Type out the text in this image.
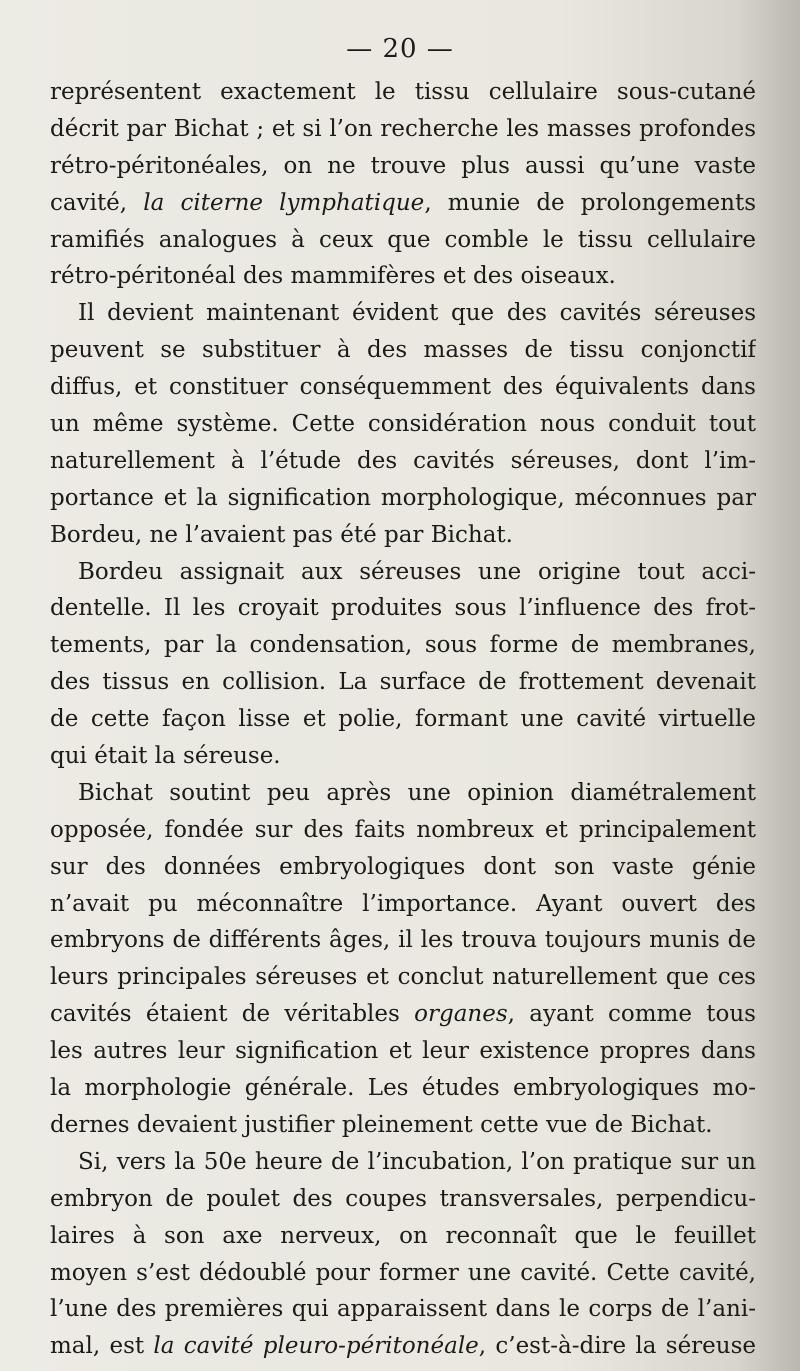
— 20 —
représentent exactement le tissu cellulaire sous-cutané
décrit par Bichat ; et si l’on recherche les masses profondes
rétro-péritonéales, on ne trouve plus aussi qu’une vaste
cavité, la citerne lymphatique, munie de prolongements
ramifiés analogues à ceux que comble le tissu cellulaire
rétro-péritonéal des mammifères et des oiseaux.
Il devient maintenant évident que des cavités séreuses
peuvent se substituer à des masses de tissu conjonctif
diffus, et constituer conséquemment des équivalents dans
un même système. Cette considération nous conduit tout
naturellement à l’étude des cavités séreuses, dont l’im-
portance et la signification morphologique, méconnues par
Bordeu, ne l’avaient pas été par Bichat.
Bordeu assignait aux séreuses une origine tout acci-
dentelle. Il les croyait produites sous l’influence des frot-
tements, par la condensation, sous forme de membranes,
des tissus en collision. La surface de frottement devenait
de cette façon lisse et polie, formant une cavité virtuelle
qui était la séreuse.
Bichat soutint peu après une opinion diamétralement
opposée, fondée sur des faits nombreux et principalement
sur des données embryologiques dont son vaste génie
n’avait pu méconnaître l’importance. Ayant ouvert des
embryons de différents âges, il les trouva toujours munis de
leurs principales séreuses et conclut naturellement que ces
cavités étaient de véritables organes, ayant comme tous
les autres leur signification et leur existence propres dans
la morphologie générale. Les études embryologiques mo-
dernes devaient justifier pleinement cette vue de Bichat.
Si, vers la 50e heure de l’incubation, l’on pratique sur un
embryon de poulet des coupes transversales, perpendicu-
laires à son axe nerveux, on reconnaît que le feuillet
moyen s’est dédoublé pour former une cavité. Cette cavité,
l’une des premières qui apparaissent dans le corps de l’ani-
mal, est la cavité pleuro-péritonéale, c’est-à-dire la séreuse
